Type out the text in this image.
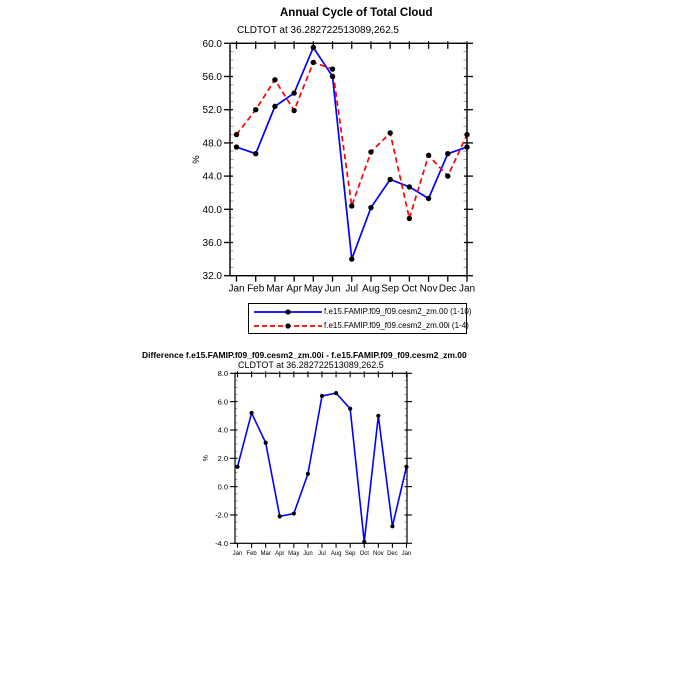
Annual Cycle of Total Cloud
CLDTOT at 36.282722513089,262.5
32.0
36.0
40.0
44.0
48.0
52.0
56.0
60.0
Jan Feb Mar Apr May Jun Jul Aug Sep Oct Nov Dec Jan
%
f.e15.FAMIP.f09_f09.cesm2_zm.00 (1-10)
f.e15.FAMIP.f09_f09.cesm2_zm.00i (1-4)
Difference f.e15.FAMIP.f09_f09.cesm2_zm.00i - f.e15.FAMIP.f09_f09.cesm2_zm.00
CLDTOT at 36.282722513089,262.5
-4.0
-2.0
0.0
2.0
4.0
6.0
8.0
Jan Feb Mar Apr May Jun Jul Aug Sep Oct Nov Dec Jan
%
